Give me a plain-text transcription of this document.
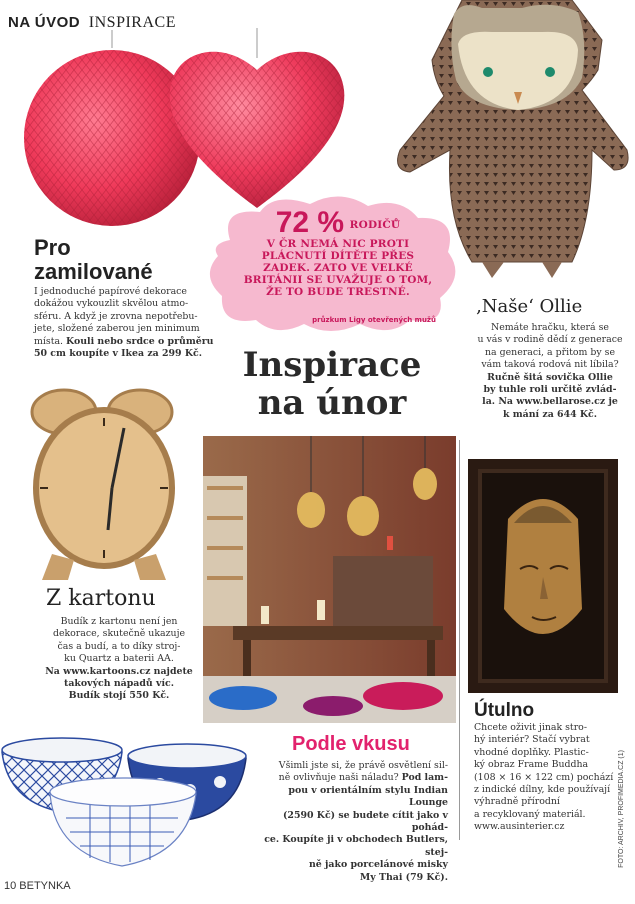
NA ÚVOD INSPIRACE
72 % RODIČŮ
V ČR NEMÁ NIC PROTI
PLÁCNUTÍ DÍTĚTE PŘES
ZADEK. ZATO VE VELKÉ
BRITÁNII SE UVAŽUJE O TOM,
ŽE TO BUDE TRESTNÉ.
průzkum Ligy otevřených mužů
Pro
zamilované
I jednoduché papírové dekorace
dokážou vykouzlit skvělou atmo-
sféru. A když je zrovna nepotřebu-
jete, složené zaberou jen minimum
místa. Kouli nebo srdce o průměru
50 cm koupíte v Ikea za 299 Kč.
‚Naše‘ Ollie
Nemáte hračku, která se
u vás v rodině dědí z generace
na generaci, a přitom by se
vám taková rodová nit líbila?
Ručně šitá sovička Ollie
by tuhle roli určitě zvlád-
la. Na www.bellarose.cz je
k mání za 644 Kč.
Inspirace
na únor
Z kartonu
Budík z kartonu není jen
dekorace, skutečně ukazuje
čas a budí, a to díky stroj-
ku Quartz a baterii AA.
Na www.kartoons.cz najdete
takových nápadů víc.
Budík stojí 550 Kč.
Podle vkusu
Všimli jste si, že právě osvětlení sil-
ně ovlivňuje naši náladu? Pod lam-
pou v orientálním stylu Indian Lounge
(2590 Kč) se budete cítit jako v pohád-
ce. Koupíte ji v obchodech Butlers, stej-
ně jako porcelánové misky
My Thai (79 Kč).
Útulno
Chcete oživit jinak stro-
hý interiér? Stačí vybrat
vhodné doplňky. Plastic-
ký obraz Frame Buddha
(108 × 16 × 122 cm) pochází
z indické dílny, kde používají
výhradně přírodní
a recyklovaný materiál.
www.ausinterier.cz	FOTO: ARCHIV, PROFIMEDIA.CZ (1)
10 BETYNKA
